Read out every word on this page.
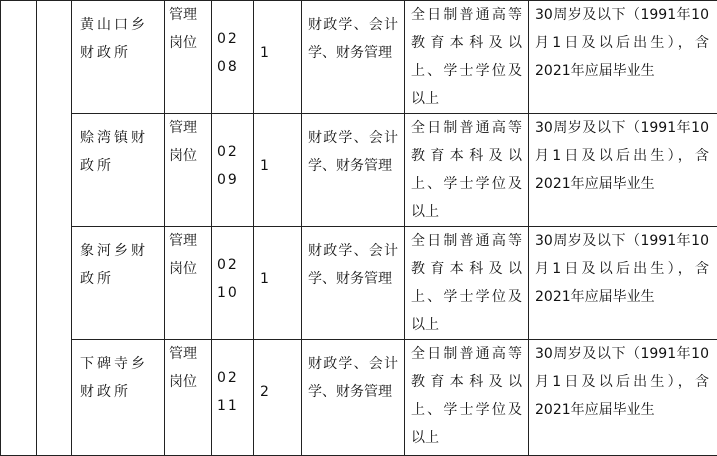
		黄山口乡财政所	管理岗位	0208	1	财政学、会计学、财务管理	全日制普通高等教育本科及以上、学士学位及以上	30周岁及以下（1991年10月1日及以后出生），含2021年应届毕业生
		赊湾镇财政所	管理岗位	0209	1	财政学、会计学、财务管理	全日制普通高等教育本科及以上、学士学位及以上	30周岁及以下（1991年10月1日及以后出生），含2021年应届毕业生
		象河乡财政所	管理岗位	0210	1	财政学、会计学、财务管理	全日制普通高等教育本科及以上、学士学位及以上	30周岁及以下（1991年10月1日及以后出生），含2021年应届毕业生
		下碑寺乡财政所	管理岗位	0211	2	财政学、会计学、财务管理	全日制普通高等教育本科及以上、学士学位及以上	30周岁及以下（1991年10月1日及以后出生），含2021年应届毕业生
